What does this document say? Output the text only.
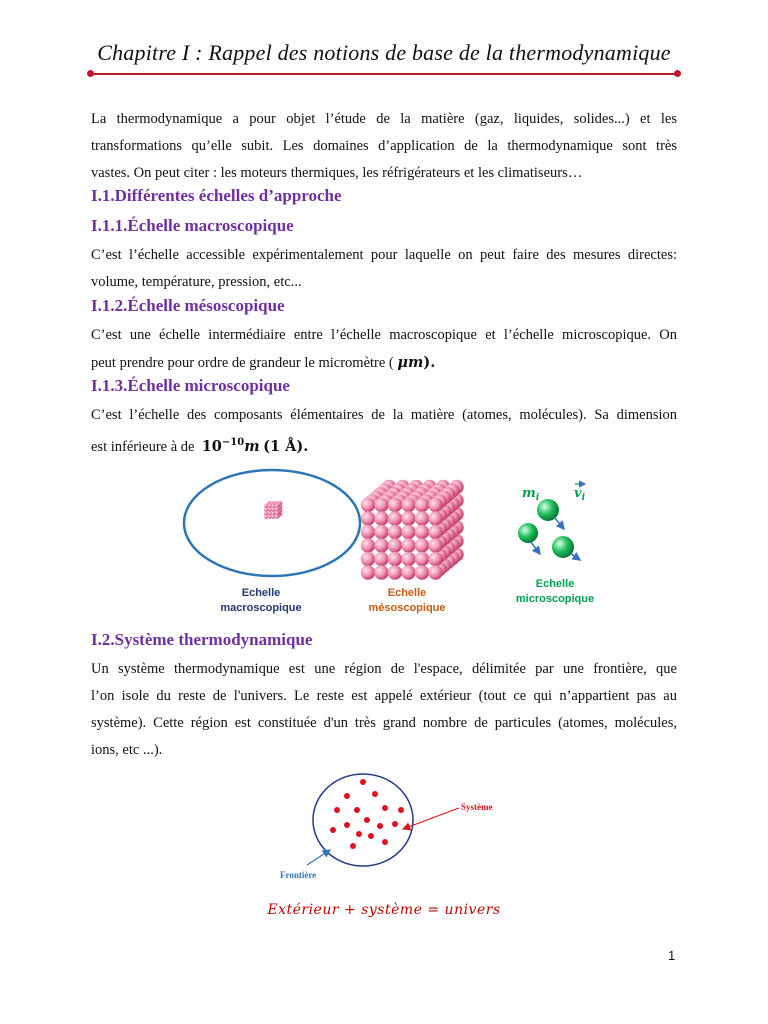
Chapitre I : Rappel des notions de base de la thermodynamique
La thermodynamique a pour objet l’étude de la matière (gaz, liquides, solides...) et les
transformations qu’elle subit. Les domaines d’application de la thermodynamique sont très
vastes. On peut citer : les moteurs thermiques, les réfrigérateurs et les climatiseurs…
I.1.Différentes échelles d’approche
I.1.1.Échelle macroscopique
C’est l’échelle accessible expérimentalement pour laquelle on peut faire des mesures directes:
volume, température, pression, etc...
I.1.2.Échelle mésoscopique
C’est une échelle intermédiaire entre l’échelle macroscopique et l’échelle microscopique. On
peut prendre pour ordre de grandeur le micromètre ( μm).
I.1.3.Échelle microscopique
C’est l’échelle des composants élémentaires de la matière (atomes, molécules). Sa dimension
est inférieure à de  $10^{-10}m$ (1 Å).
$m_i$	$v_i$
Echelle
macroscopique
Echelle
mésoscopique
Echelle
microscopique
Système
Frontière
Extérieur + système = univers
Un système thermodynamique est une région de l'espace, délimitée par une frontière, que
l’on isole du reste de l'univers. Le reste est appelé extérieur (tout ce qui n’appartient pas au
système). Cette région est constituée d'un très grand nombre de particules (atomes, molécules,
ions, etc ...).
I.2.Système thermodynamique
1
